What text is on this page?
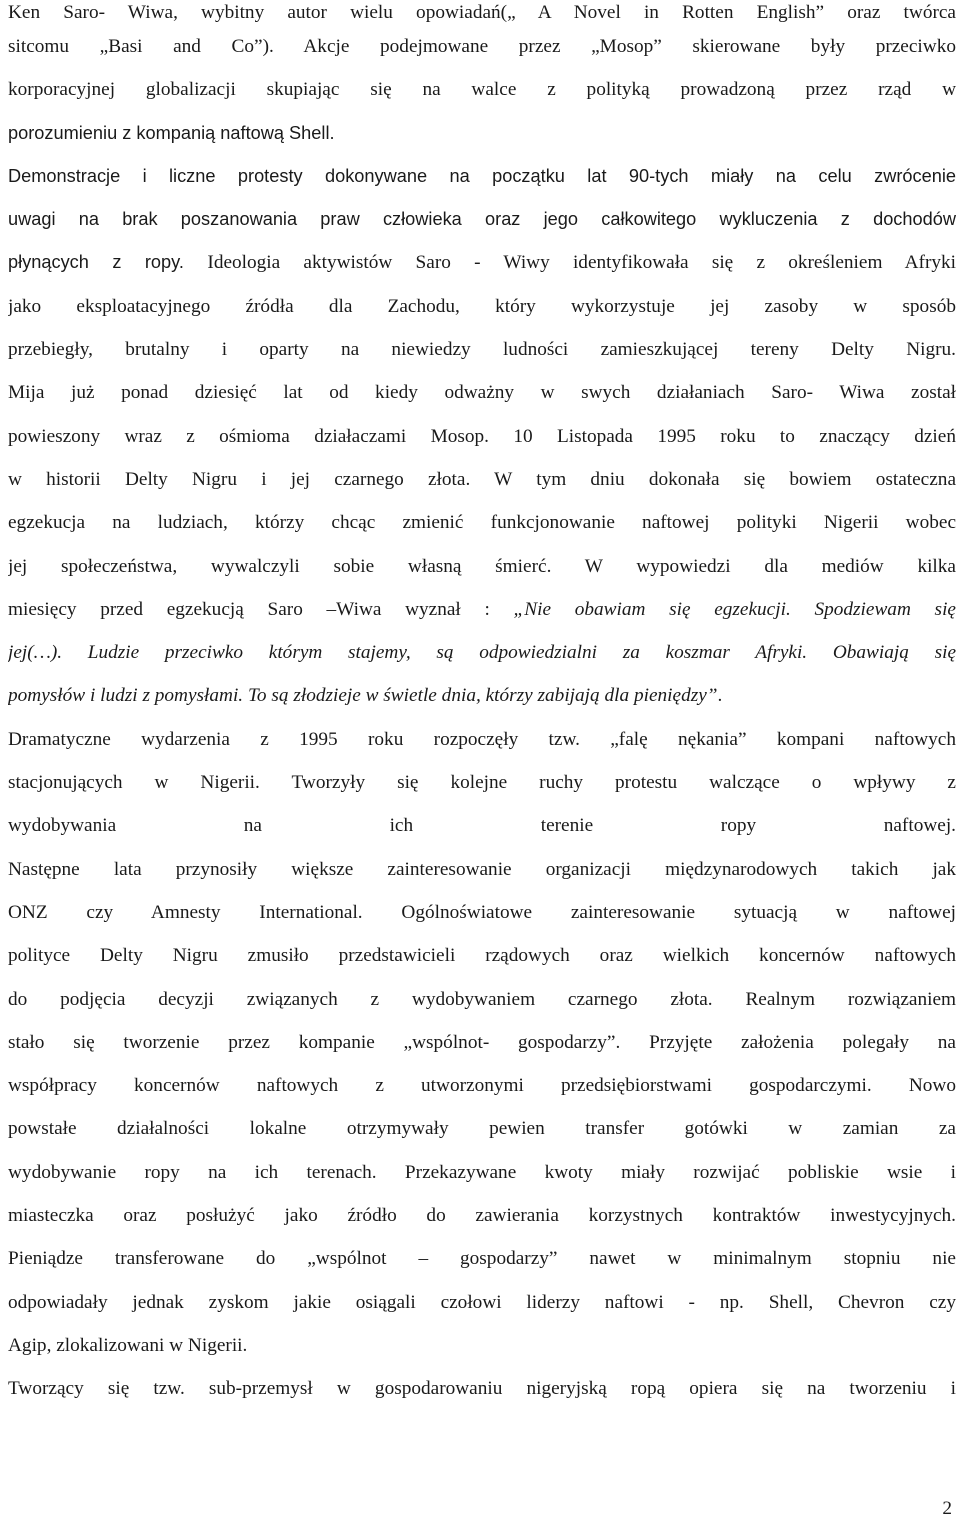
Ken Saro- Wiwa, wybitny autor wielu opowiadań(„ A Novel in Rotten English” oraz twórca
sitcomu „Basi and Co”). Akcje podejmowane przez „Mosop” skierowane były przeciwko
korporacyjnej globalizacji skupiając się na walce z polityką prowadzoną przez rząd w
porozumieniu z kompanią naftową Shell.
Demonstracje i liczne protesty dokonywane na początku lat 90-tych miały na celu zwrócenie
uwagi na brak poszanowania praw człowieka oraz jego całkowitego wykluczenia z dochodów
płynących z ropy. Ideologia aktywistów Saro - Wiwy identyfikowała się z określeniem Afryki
jako eksploatacyjnego źródła dla Zachodu, który wykorzystuje jej zasoby w sposób
przebiegły, brutalny i oparty na niewiedzy ludności zamieszkującej tereny Delty Nigru.
Mija już ponad dziesięć lat od kiedy odważny w swych działaniach Saro- Wiwa został
powieszony wraz z ośmioma działaczami Mosop. 10 Listopada 1995 roku to znaczący dzień
w historii Delty Nigru i jej czarnego złota. W tym dniu dokonała się bowiem ostateczna
egzekucja na ludziach, którzy chcąc zmienić funkcjonowanie naftowej polityki Nigerii wobec
jej społeczeństwa, wywalczyli sobie własną śmierć. W wypowiedzi dla mediów kilka
miesięcy przed egzekucją Saro –Wiwa wyznał : „Nie obawiam się egzekucji. Spodziewam się
jej(…). Ludzie przeciwko którym stajemy, są odpowiedzialni za koszmar Afryki. Obawiają się
pomysłów i ludzi z pomysłami. To są złodzieje w świetle dnia, którzy zabijają dla pieniędzy”.
Dramatyczne wydarzenia z 1995 roku rozpoczęły tzw. „falę nękania” kompani naftowych
stacjonujących w Nigerii. Tworzyły się kolejne ruchy protestu walczące o wpływy z
wydobywania na ich terenie ropy naftowej.
Następne lata przynosiły większe zainteresowanie organizacji międzynarodowych takich jak
ONZ czy Amnesty International. Ogólnoświatowe zainteresowanie sytuacją w naftowej
polityce Delty Nigru zmusiło przedstawicieli rządowych oraz wielkich koncernów naftowych
do podjęcia decyzji związanych z wydobywaniem czarnego złota. Realnym rozwiązaniem
stało się tworzenie przez kompanie „wspólnot- gospodarzy”. Przyjęte założenia polegały na
współpracy koncernów naftowych z utworzonymi przedsiębiorstwami gospodarczymi. Nowo
powstałe działalności lokalne otrzymywały pewien transfer gotówki w zamian za
wydobywanie ropy na ich terenach. Przekazywane kwoty miały rozwijać pobliskie wsie i
miasteczka oraz posłużyć jako źródło do zawierania korzystnych kontraktów inwestycyjnych.
Pieniądze transferowane do „wspólnot – gospodarzy” nawet w minimalnym stopniu nie
odpowiadały jednak zyskom jakie osiągali czołowi liderzy naftowi - np. Shell, Chevron czy
Agip, zlokalizowani w Nigerii.
Tworzący się tzw. sub-przemysł w gospodarowaniu nigeryjską ropą opiera się na tworzeniu i
2
